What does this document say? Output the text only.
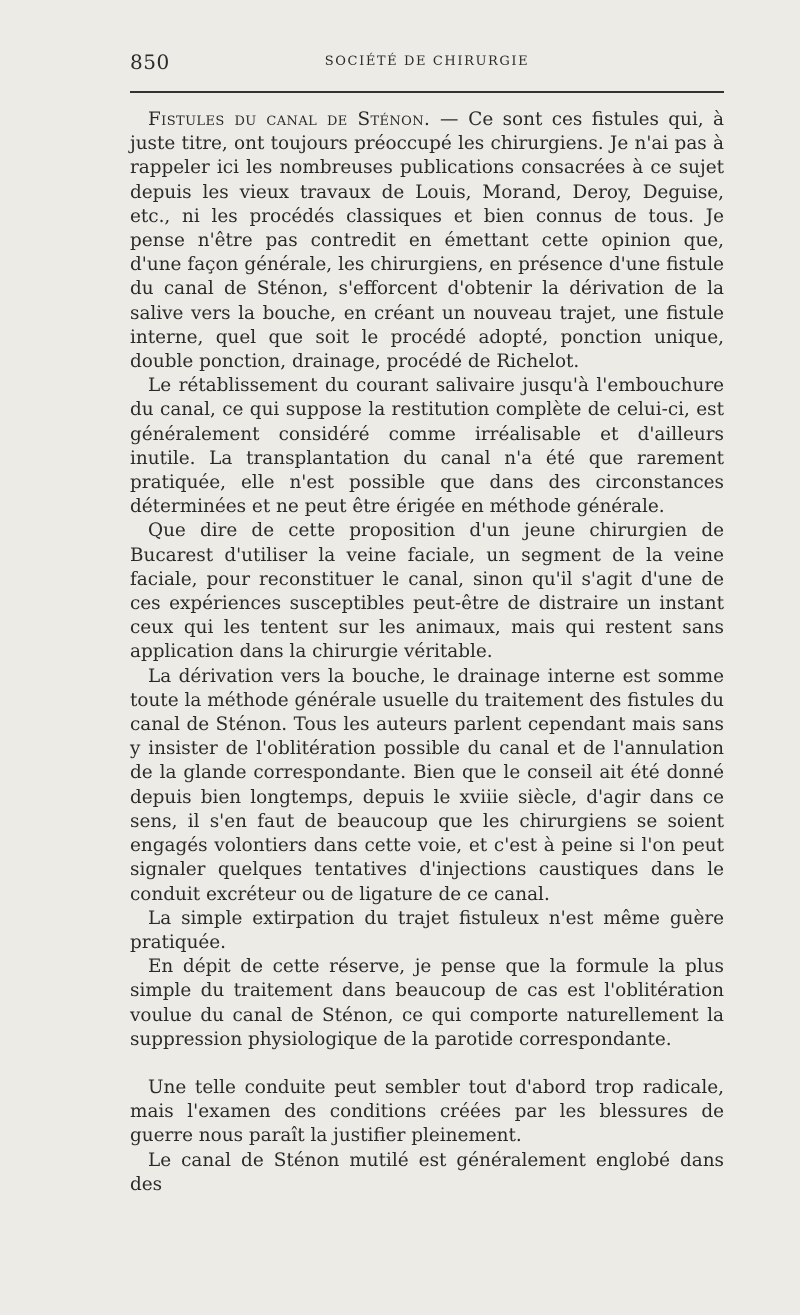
850	SOCIÉTÉ DE CHIRURGIE

Fistules du canal de Sténon. — Ce sont ces fistules qui, à juste titre, ont toujours préoccupé les chirurgiens. Je n'ai pas à rappeler ici les nombreuses publications consacrées à ce sujet depuis les vieux travaux de Louis, Morand, Deroy, Deguise, etc., ni les procédés classiques et bien connus de tous. Je pense n'être pas contredit en émettant cette opinion que, d'une façon générale, les chirurgiens, en présence d'une fistule du canal de Sténon, s'efforcent d'obtenir la dérivation de la salive vers la bouche, en créant un nouveau trajet, une fistule interne, quel que soit le procédé adopté, ponction unique, double ponction, drainage, procédé de Richelot.

Le rétablissement du courant salivaire jusqu'à l'embouchure du canal, ce qui suppose la restitution complète de celui-ci, est généralement considéré comme irréalisable et d'ailleurs inutile. La transplantation du canal n'a été que rarement pratiquée, elle n'est possible que dans des circonstances déterminées et ne peut être érigée en méthode générale.

Que dire de cette proposition d'un jeune chirurgien de Bucarest d'utiliser la veine faciale, un segment de la veine faciale, pour reconstituer le canal, sinon qu'il s'agit d'une de ces expériences susceptibles peut-être de distraire un instant ceux qui les tentent sur les animaux, mais qui restent sans application dans la chirurgie véritable.

La dérivation vers la bouche, le drainage interne est somme toute la méthode générale usuelle du traitement des fistules du canal de Sténon. Tous les auteurs parlent cependant mais sans y insister de l'oblitération possible du canal et de l'annulation de la glande correspondante. Bien que le conseil ait été donné depuis bien longtemps, depuis le xviiie siècle, d'agir dans ce sens, il s'en faut de beaucoup que les chirurgiens se soient engagés volontiers dans cette voie, et c'est à peine si l'on peut signaler quelques tentatives d'injections caustiques dans le conduit excréteur ou de ligature de ce canal.

La simple extirpation du trajet fistuleux n'est même guère pratiquée.

En dépit de cette réserve, je pense que la formule la plus simple du traitement dans beaucoup de cas est l'oblitération voulue du canal de Sténon, ce qui comporte naturellement la suppression physiologique de la parotide correspondante.

Une telle conduite peut sembler tout d'abord trop radicale, mais l'examen des conditions créées par les blessures de guerre nous paraît la justifier pleinement.

Le canal de Sténon mutilé est généralement englobé dans des
